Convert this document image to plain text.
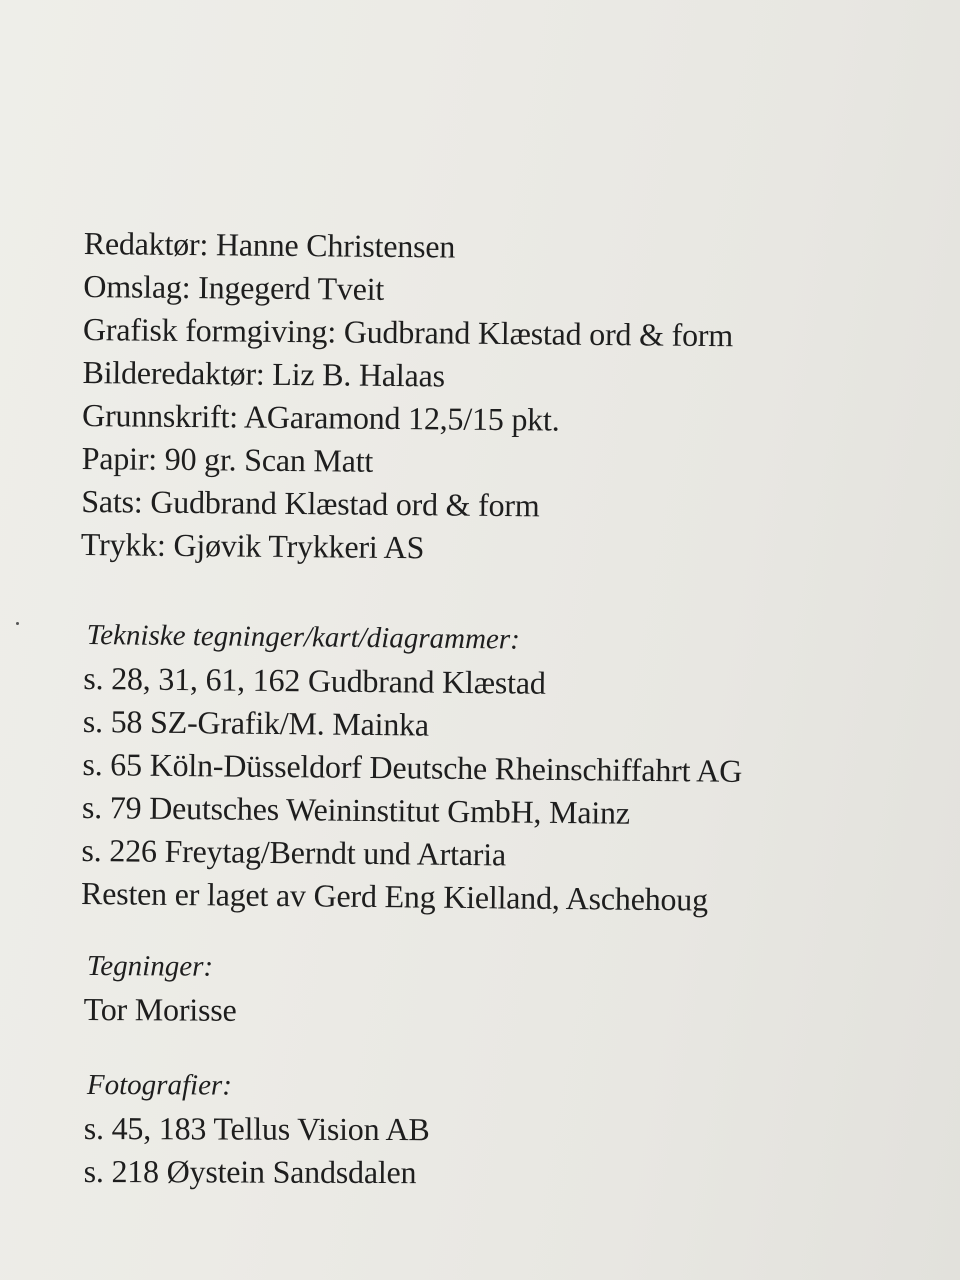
Redaktør: Hanne Christensen
Omslag: Ingegerd Tveit
Grafisk formgiving: Gudbrand Klæstad ord & form
Bilderedaktør: Liz B. Halaas
Grunnskrift: AGaramond 12,5/15 pkt.
Papir: 90 gr. Scan Matt
Sats: Gudbrand Klæstad ord & form
Trykk: Gjøvik Trykkeri AS
Tekniske tegninger/kart/diagrammer:
s. 28, 31, 61, 162 Gudbrand Klæstad
s. 58 SZ-Grafik/M. Mainka
s. 65 Köln-Düsseldorf Deutsche Rheinschiffahrt AG
s. 79 Deutsches Weininstitut GmbH, Mainz
s. 226 Freytag/Berndt und Artaria
Resten er laget av Gerd Eng Kielland, Aschehoug
Tegninger:
Tor Morisse
Fotografier:
s. 45, 183 Tellus Vision AB
s. 218 Øystein Sandsdalen
